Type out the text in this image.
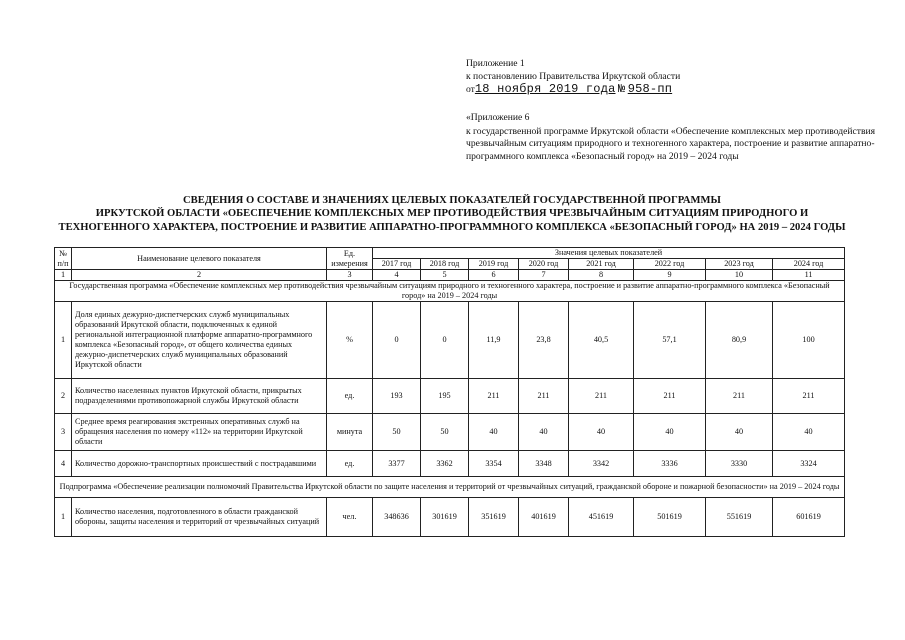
Приложение 1
к постановлению Правительства Иркутской области
от18 ноября 2019 года № 958-пп
«Приложение 6
к государственной программе Иркутской области «Обеспечение комплексных мер противодействия чрезвычайным ситуациям природного и техногенного характера, построение и развитие аппаратно-программного комплекса «Безопасный город» на 2019 – 2024 годы
СВЕДЕНИЯ О СОСТАВЕ И ЗНАЧЕНИЯХ ЦЕЛЕВЫХ ПОКАЗАТЕЛЕЙ ГОСУДАРСТВЕННОЙ ПРОГРАММЫ
ИРКУТСКОЙ ОБЛАСТИ «ОБЕСПЕЧЕНИЕ КОМПЛЕКСНЫХ МЕР ПРОТИВОДЕЙСТВИЯ ЧРЕЗВЫЧАЙНЫМ СИТУАЦИЯМ ПРИРОДНОГО И
ТЕХНОГЕННОГО ХАРАКТЕРА, ПОСТРОЕНИЕ И РАЗВИТИЕ АППАРАТНО-ПРОГРАММНОГО КОМПЛЕКСА «БЕЗОПАСНЫЙ ГОРОД» НА 2019 – 2024 ГОДЫ
№ п/п	Наименование целевого показателя	Ед. измерения	Значения целевых показателей							
			2017 год	2018 год	2019 год	2020 год	2021 год	2022 год	2023 год	2024 год
1	2	3	4	5	6	7	8	9	10	11
Государственная программа «Обеспечение комплексных мер противодействия чрезвычайным ситуациям природного и техногенного характера, построение и развитие аппаратно-программного комплекса «Безопасный город» на 2019 – 2024 годы										
1	Доля единых дежурно-диспетчерских служб муниципальных образований Иркутской области, подключенных к единой региональной интеграционной платформе аппаратно-программного комплекса «Безопасный город», от общего количества единых дежурно-диспетчерских служб муниципальных образований Иркутской области	%	0	0	11,9	23,8	40,5	57,1	80,9	100
2	Количество населенных пунктов Иркутской области, прикрытых подразделениями противопожарной службы Иркутской области	ед.	193	195	211	211	211	211	211	211
3	Среднее время реагирования экстренных оперативных служб на обращения населения по номеру «112» на территории Иркутской области	минута	50	50	40	40	40	40	40	40
4	Количество дорожно-транспортных происшествий с пострадавшими	ед.	3377	3362	3354	3348	3342	3336	3330	3324
Подпрограмма «Обеспечение реализации полномочий Правительства Иркутской области по защите населения и территорий от чрезвычайных ситуаций, гражданской обороне и пожарной безопасности» на 2019 – 2024 годы										
1	Количество населения, подготовленного в области гражданской обороны, защиты населения и территорий от чрезвычайных ситуаций	чел.	348636	301619	351619	401619	451619	501619	551619	601619
